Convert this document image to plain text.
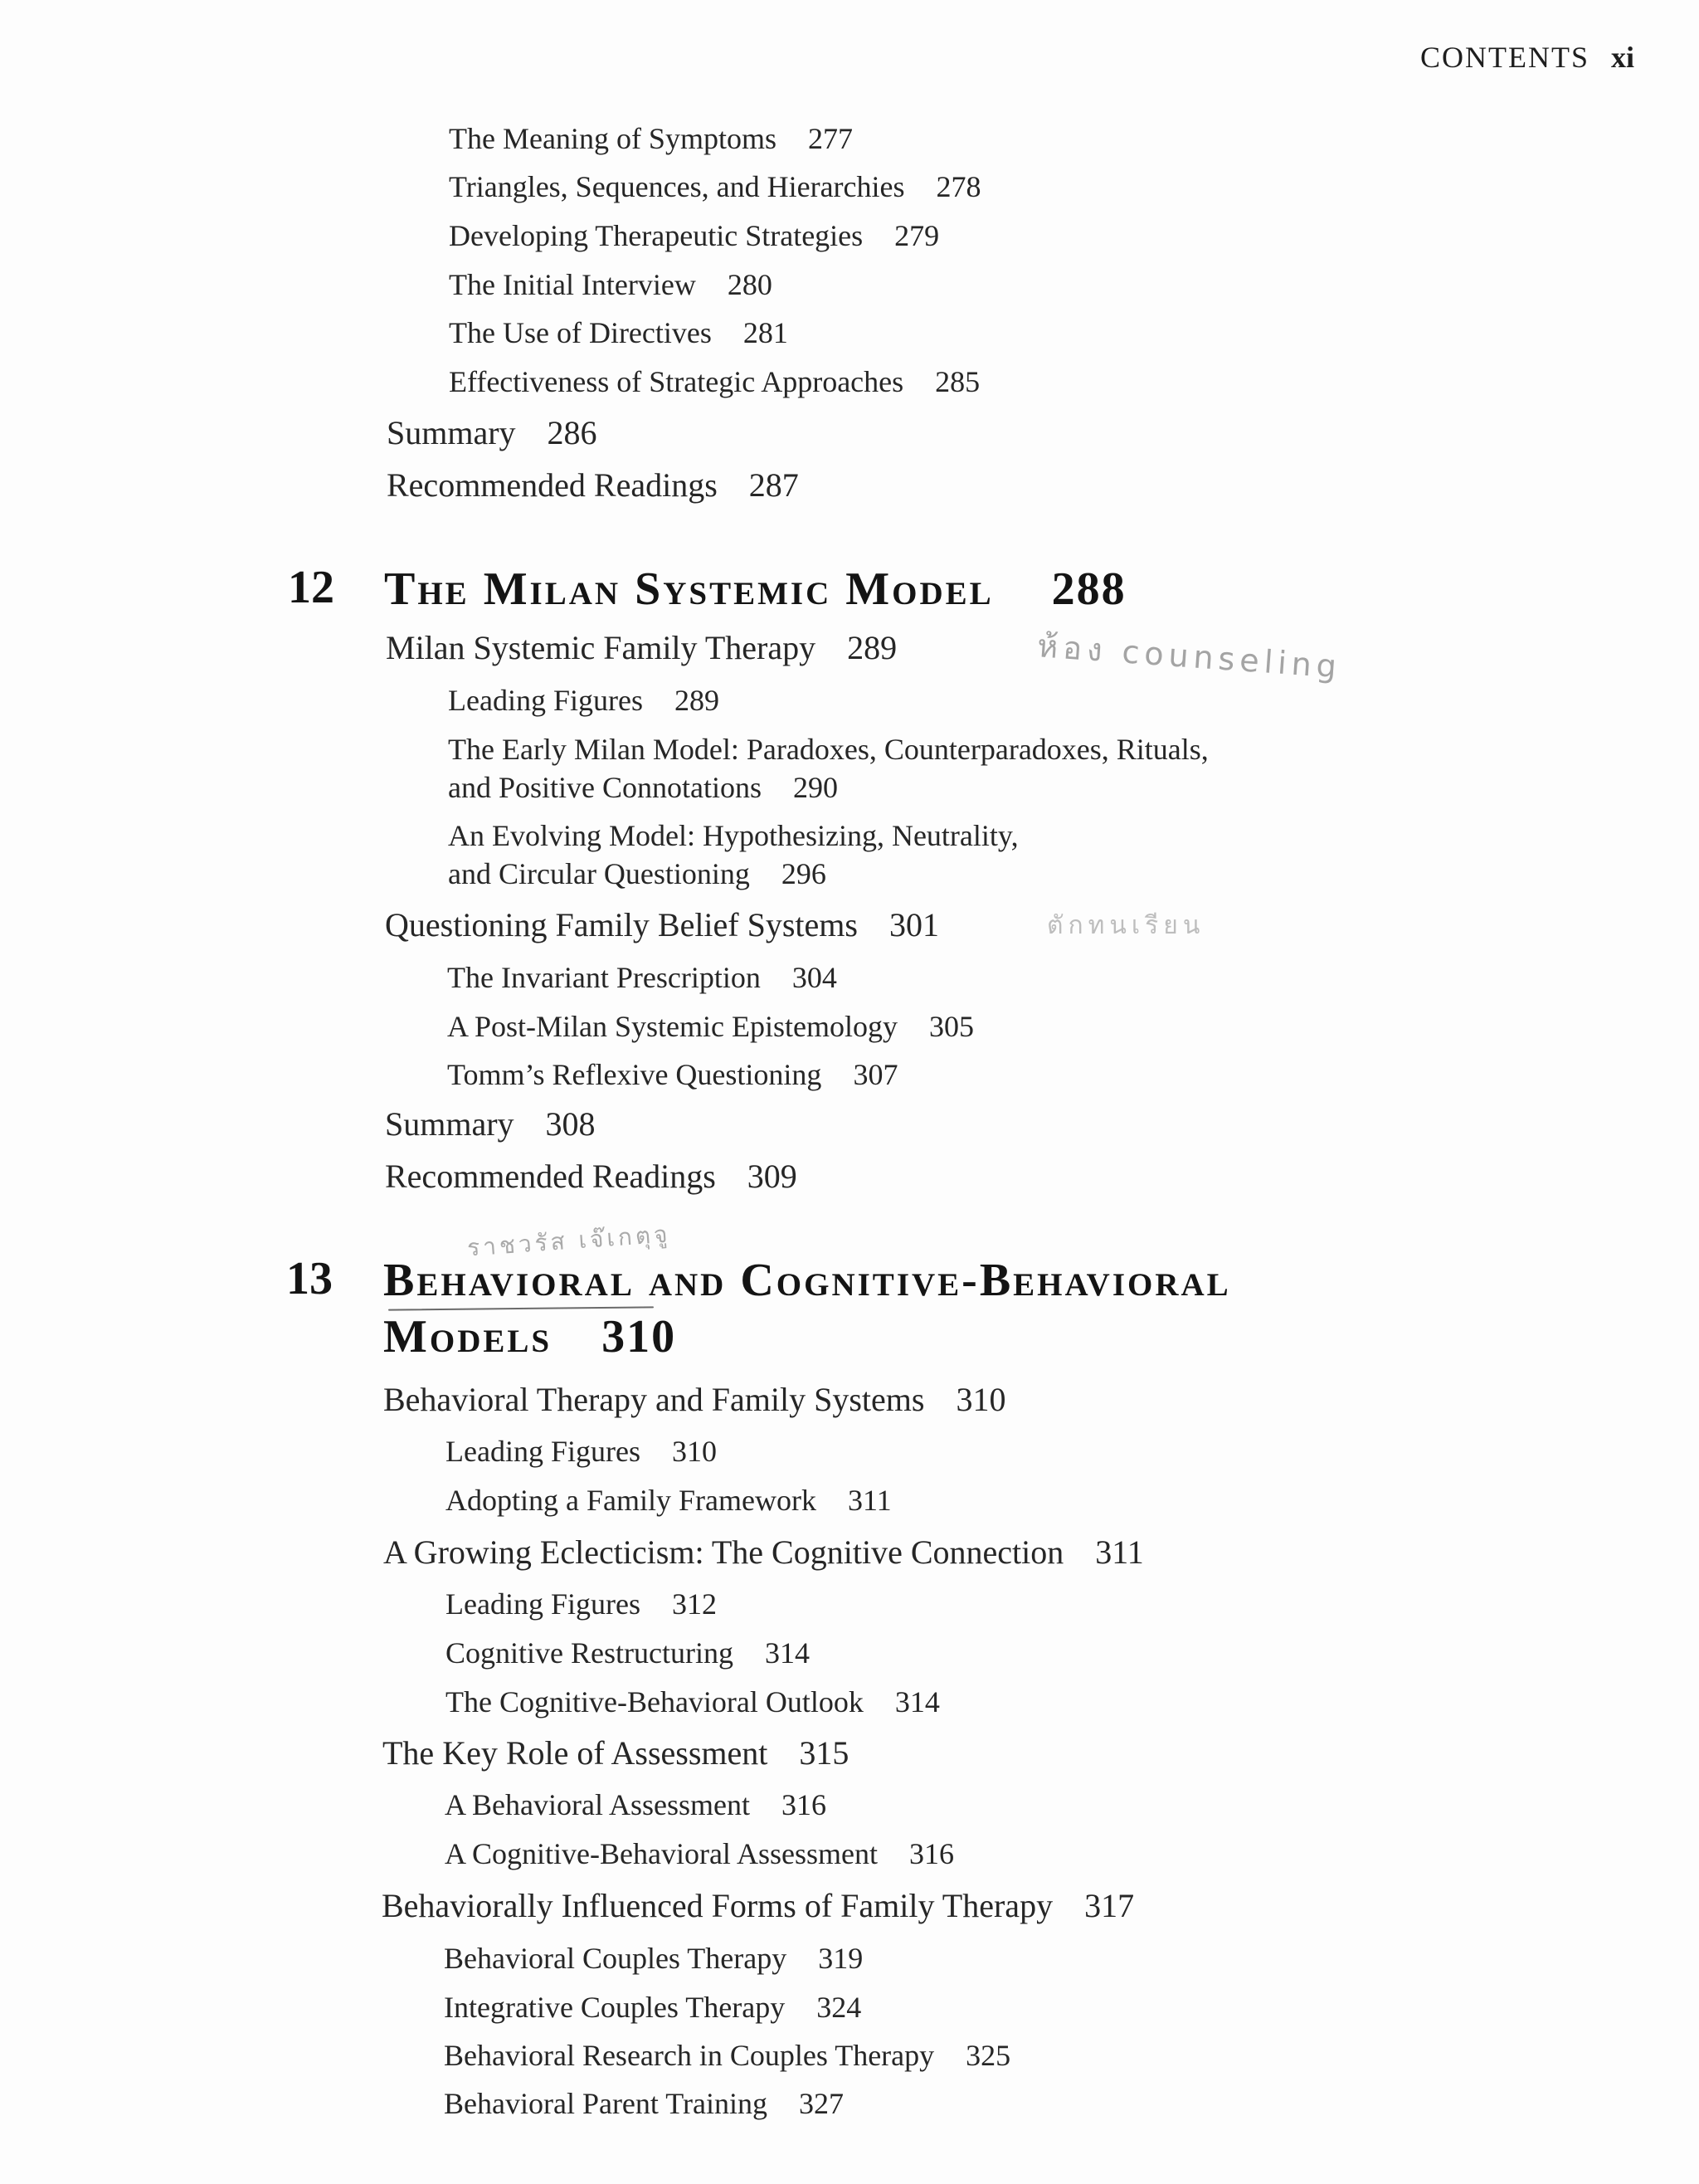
CONTENTS xi
The Meaning of Symptoms 277
Triangles, Sequences, and Hierarchies 278
Developing Therapeutic Strategies 279
The Initial Interview 280
The Use of Directives 281
Effectiveness of Strategic Approaches 285
Summary 286
Recommended Readings 287
12 The Milan Systemic Model 288
Milan Systemic Family Therapy 289
Leading Figures 289
The Early Milan Model: Paradoxes, Counterparadoxes, Rituals,
and Positive Connotations 290
An Evolving Model: Hypothesizing, Neutrality,
and Circular Questioning 296
Questioning Family Belief Systems 301
The Invariant Prescription 304
A Post-Milan Systemic Epistemology 305
Tomm’s Reflexive Questioning 307
Summary 308
Recommended Readings 309
13 Behavioral and Cognitive-Behavioral
Models 310
Behavioral Therapy and Family Systems 310
Leading Figures 310
Adopting a Family Framework 311
A Growing Eclecticism: The Cognitive Connection 311
Leading Figures 312
Cognitive Restructuring 314
The Cognitive-Behavioral Outlook 314
The Key Role of Assessment 315
A Behavioral Assessment 316
A Cognitive-Behavioral Assessment 316
Behaviorally Influenced Forms of Family Therapy 317
Behavioral Couples Therapy 319
Integrative Couples Therapy 324
Behavioral Research in Couples Therapy 325
Behavioral Parent Training 327
ห้อง counseling
ตักทนเรียน
ราชวรัส เจ๊เกตุจู
